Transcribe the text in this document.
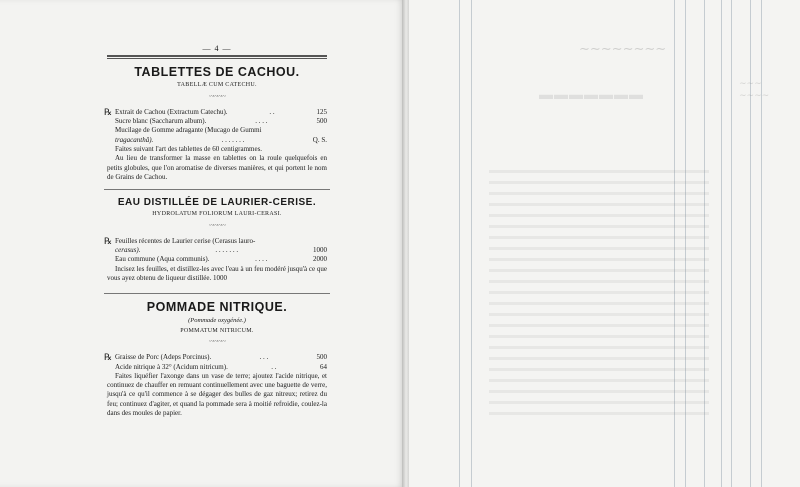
— 4 —
TABLETTES DE CACHOU.
TABELLÆ CUM CATECHU.
〰〰〰〰
℞ Extrait de Cachou (Extractum Catechu).	. .	125
Sucre blanc (Saccharum album).	. . . .	500
Mucilage de Gomme adragante (Mucago de Gummi
tragacanthâ).	. . . . . . .	Q. S.
Faites suivant l'art des tablettes de 60 centigrammes.
Au lieu de transformer la masse en tablettes on la roule quelquefois en petits globules, que l'on aromatise de diverses manières, et qui portent le nom de Grains de Cachou.
EAU DISTILLÉE DE LAURIER-CERISE.
HYDROLATUM FOLIORUM LAURI-CERASI.
〰〰〰〰
℞ Feuilles récentes de Laurier cerise (Cerasus lauro-
cerasus).	. . . . . . .	1000
Eau commune (Aqua communis).	. . . .	2000
Incisez les feuilles, et distillez-les avec l'eau à un feu modéré jusqu'à ce que vous ayez obtenu de liqueur distillée. 1000
POMMADE NITRIQUE.
(Pommade oxygénée.)
POMMATUM NITRICUM.
〰〰〰〰
℞ Graisse de Porc (Adeps Porcinus).	. . .	500
Acide nitrique à 32° (Acidum nitricum).	. .	64
Faites liquéfier l'axonge dans un vase de terre; ajoutez l'acide nitrique, et continuez de chauffer en remuant continuellement avec une baguette de verre, jusqu'à ce qu'il commence à se dégager des bulles de gaz nitreux; retirez du feu; continuez d'agiter, et quand la pommade sera à moitié refroidie, coulez-la dans des moules de papier.
∼∼∼∼∼∼∼∼
∼∼∼
∼∼∼∼
▬▬▬▬▬▬▬
